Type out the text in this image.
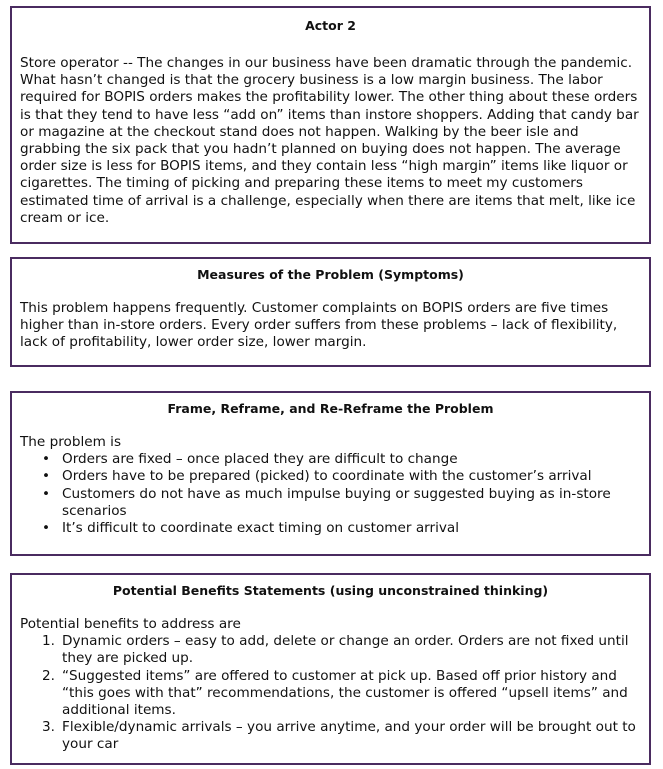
Actor 2

Store operator -- The changes in our business have been dramatic through the pandemic. What hasn’t changed is that the grocery business is a low margin business. The labor required for BOPIS orders makes the profitability lower. The other thing about these orders is that they tend to have less “add on” items than instore shoppers. Adding that candy bar or magazine at the checkout stand does not happen. Walking by the beer isle and grabbing the six pack that you hadn’t planned on buying does not happen. The average order size is less for BOPIS items, and they contain less “high margin” items like liquor or cigarettes. The timing of picking and preparing these items to meet my customers estimated time of arrival is a challenge, especially when there are items that melt, like ice cream or ice.

Measures of the Problem (Symptoms)

This problem happens frequently. Customer complaints on BOPIS orders are five times higher than in-store orders. Every order suffers from these problems – lack of flexibility, lack of profitability, lower order size, lower margin.

Frame, Reframe, and Re-Reframe the Problem

The problem is

• Orders are fixed – once placed they are difficult to change
• Orders have to be prepared (picked) to coordinate with the customer’s arrival
• Customers do not have as much impulse buying or suggested buying as in-store scenarios
• It’s difficult to coordinate exact timing on customer arrival
Potential Benefits Statements (using unconstrained thinking)

Potential benefits to address are

1. Dynamic orders – easy to add, delete or change an order. Orders are not fixed until they are picked up.
2. “Suggested items” are offered to customer at pick up. Based off prior history and “this goes with that” recommendations, the customer is offered “upsell items” and additional items.
3. Flexible/dynamic arrivals – you arrive anytime, and your order will be brought out to your car
